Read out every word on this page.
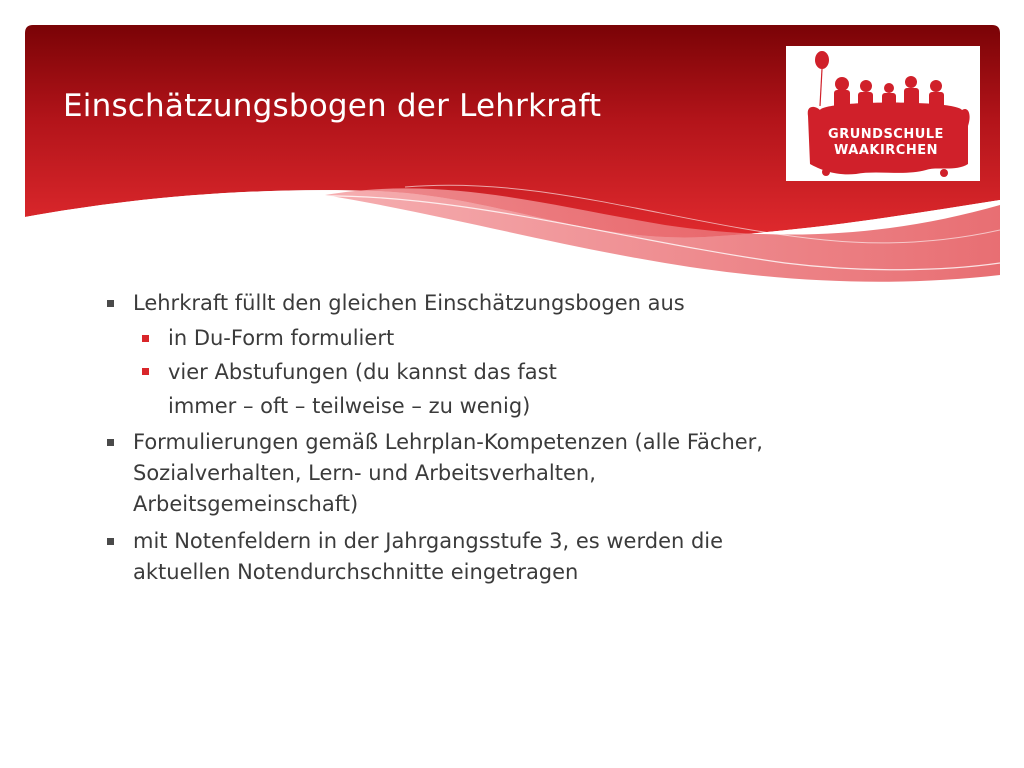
Einschätzungsbogen der Lehrkraft
GRUNDSCHULE
WAAKIRCHEN
Lehrkraft füllt den gleichen Einschätzungsbogen aus
in Du-Form formuliert
vier Abstufungen (du kannst das fast
immer – oft – teilweise – zu wenig)
Formulierungen gemäß Lehrplan-Kompetenzen (alle Fächer,
Sozialverhalten, Lern- und Arbeitsverhalten,
Arbeitsgemeinschaft)
mit Notenfeldern in der Jahrgangsstufe 3, es werden die
aktuellen Notendurchschnitte eingetragen
